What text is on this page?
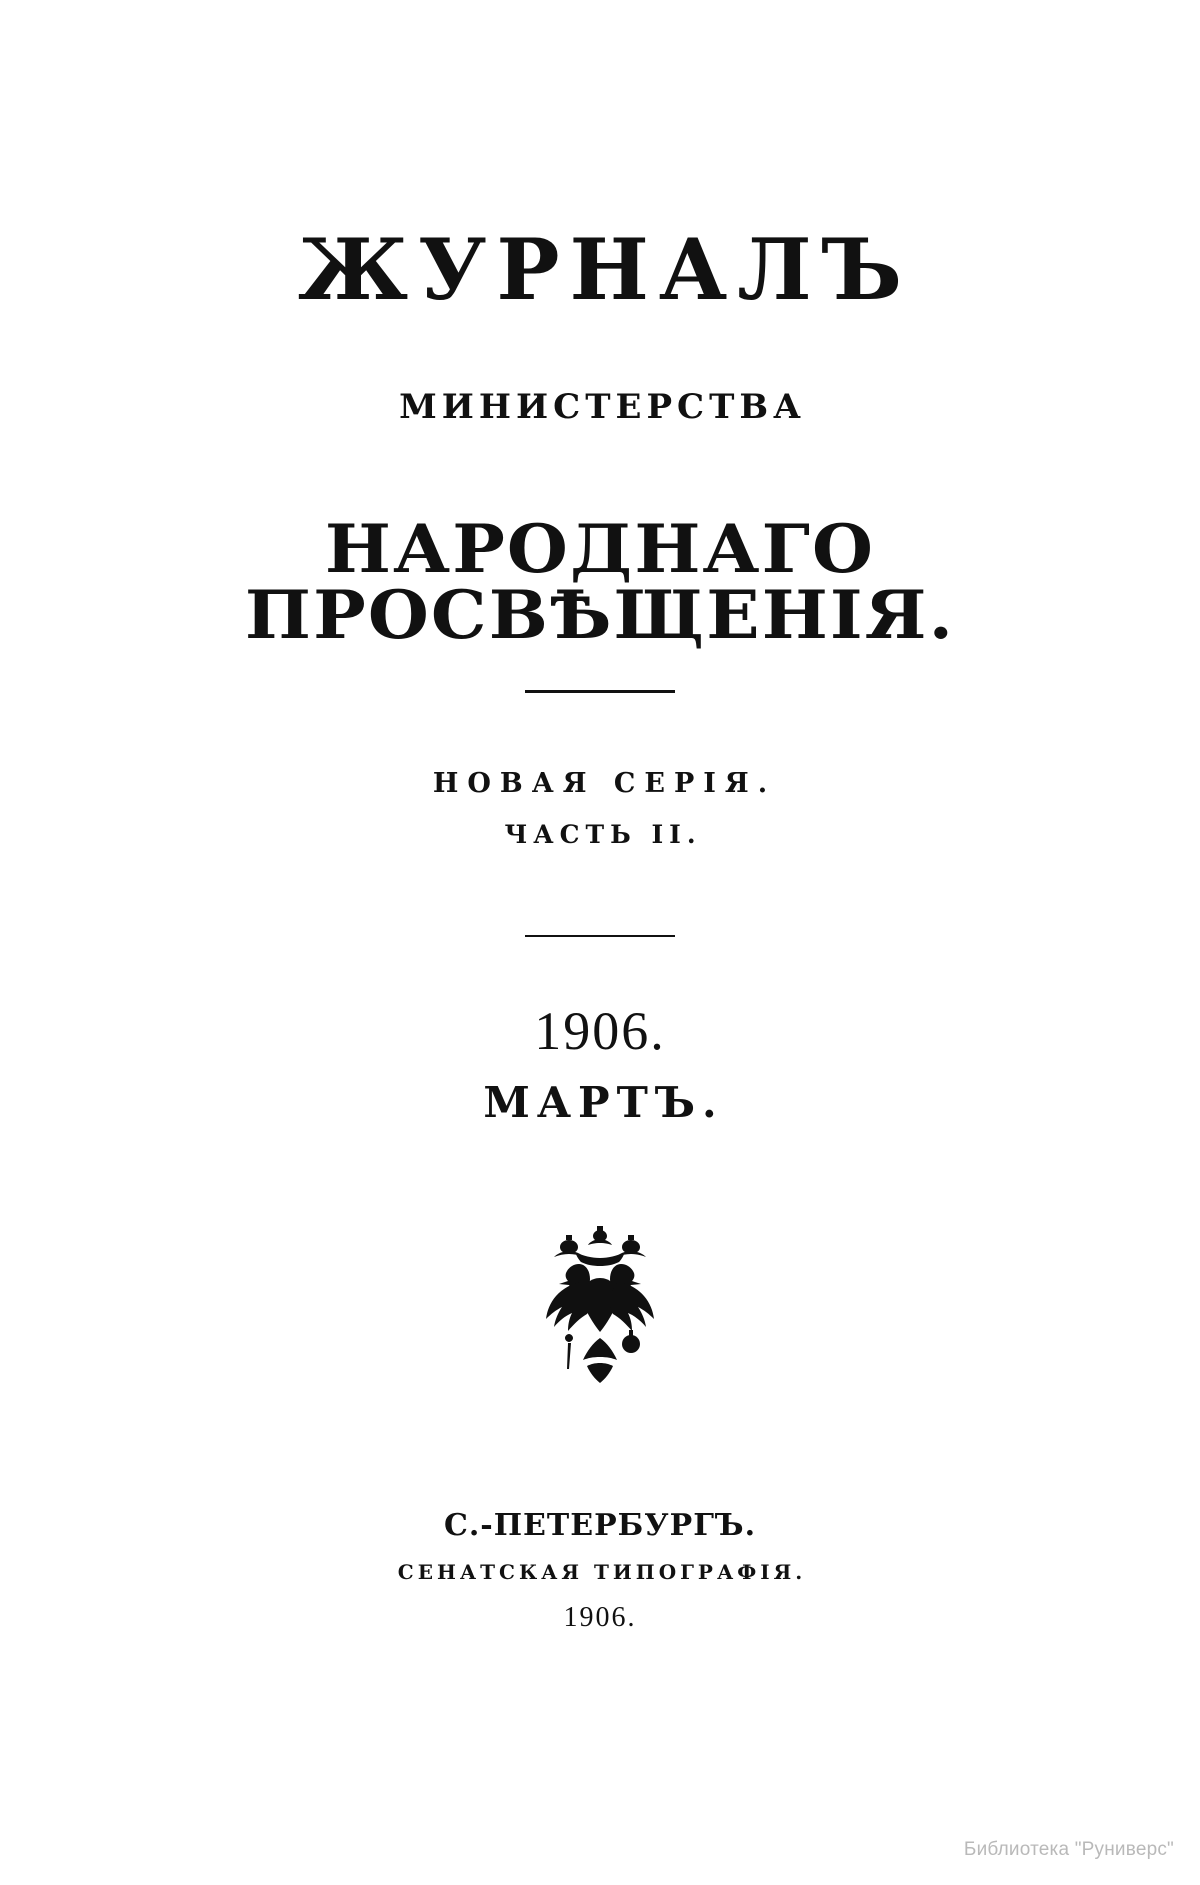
ЖУРНАЛЪ
МИНИСТЕРСТВА
НАРОДНАГО ПРОСВѢЩЕНІЯ.
НОВАЯ СЕРІЯ.
ЧАСТЬ II.
1906.
МАРТЪ.
С.-ПЕТЕРБУРГЪ.
СЕНАТСКАЯ ТИПОГРАФІЯ.
1906.
Библиотека "Руниверс"
